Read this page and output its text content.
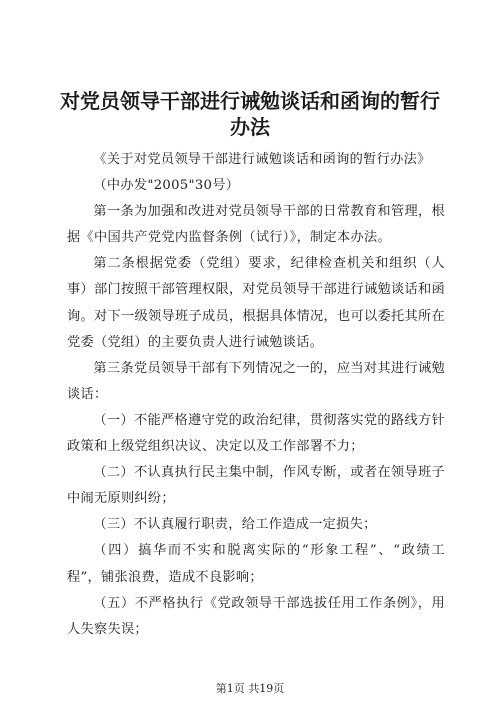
对党员领导干部进行诫勉谈话和函询的暂行办法

《关于对党员领导干部进行诫勉谈话和函询的暂行办法》

（中办发"2005"30号）

第一条为加强和改进对党员领导干部的日常教育和管理，根据《中国共产党党内监督条例（试行）》，制定本办法。

第二条根据党委（党组）要求，纪律检查机关和组织（人事）部门按照干部管理权限，对党员领导干部进行诫勉谈话和函询。对下一级领导班子成员，根据具体情况，也可以委托其所在党委（党组）的主要负责人进行诫勉谈话。

第三条党员领导干部有下列情况之一的，应当对其进行诫勉谈话：

（一）不能严格遵守党的政治纪律，贯彻落实党的路线方针政策和上级党组织决议、决定以及工作部署不力；

（二）不认真执行民主集中制，作风专断，或者在领导班子中闹无原则纠纷；

（三）不认真履行职责，给工作造成一定损失；

（四）搞华而不实和脱离实际的“形象工程”、“政绩工程”，铺张浪费，造成不良影响；

（五）不严格执行《党政领导干部选拔任用工作条例》，用人失察失误；

第1页 共19页
